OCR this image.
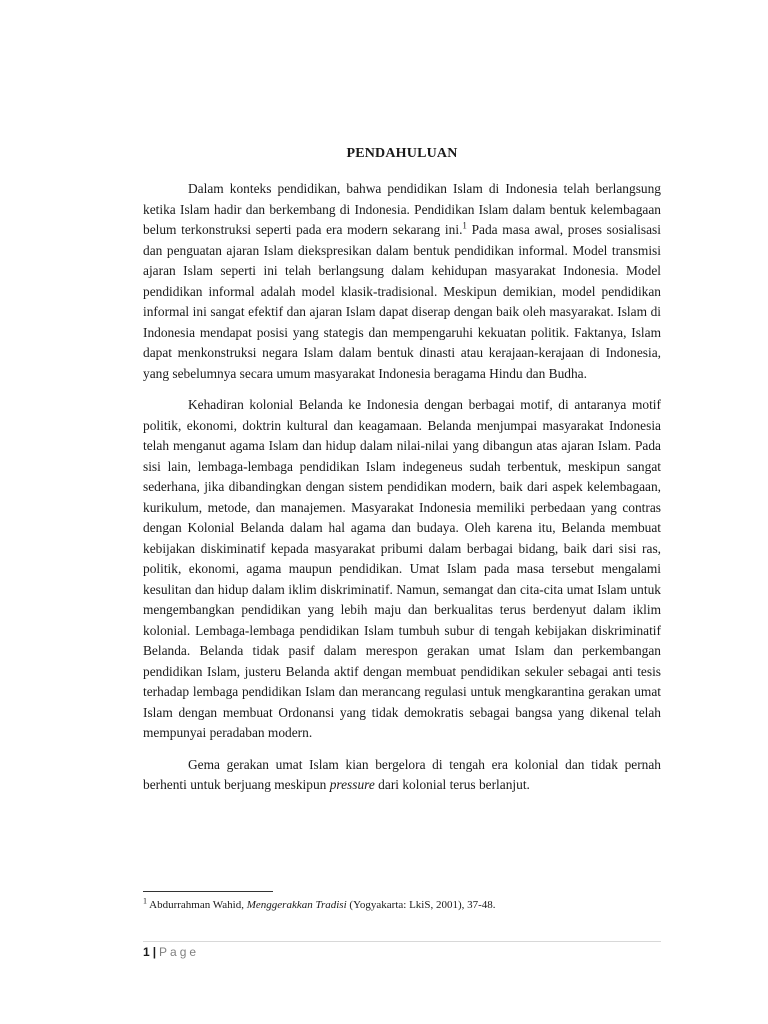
PENDAHULUAN

Dalam konteks pendidikan, bahwa pendidikan Islam di Indonesia telah berlangsung ketika Islam hadir dan berkembang di Indonesia. Pendidikan Islam dalam bentuk kelembagaan belum terkonstruksi seperti pada era modern sekarang ini.$^1$ Pada masa awal, proses sosialisasi dan penguatan ajaran Islam diekspresikan dalam bentuk pendidikan informal. Model transmisi ajaran Islam seperti ini telah berlangsung dalam kehidupan masyarakat Indonesia. Model pendidikan informal adalah model klasik-tradisional. Meskipun demikian, model pendidikan informal ini sangat efektif dan ajaran Islam dapat diserap dengan baik oleh masyarakat. Islam di Indonesia mendapat posisi yang stategis dan mempengaruhi kekuatan politik. Faktanya, Islam dapat menkonstruksi negara Islam dalam bentuk dinasti atau kerajaan-kerajaan di Indonesia, yang sebelumnya secara umum masyarakat Indonesia beragama Hindu dan Budha.

Kehadiran kolonial Belanda ke Indonesia dengan berbagai motif, di antaranya motif politik, ekonomi, doktrin kultural dan keagamaan. Belanda menjumpai masyarakat Indonesia telah menganut agama Islam dan hidup dalam nilai-nilai yang dibangun atas ajaran Islam. Pada sisi lain, lembaga-lembaga pendidikan Islam indegeneus sudah terbentuk, meskipun sangat sederhana, jika dibandingkan dengan sistem pendidikan modern, baik dari aspek kelembagaan, kurikulum, metode, dan manajemen. Masyarakat Indonesia memiliki perbedaan yang contras dengan Kolonial Belanda dalam hal agama dan budaya. Oleh karena itu, Belanda membuat kebijakan diskiminatif kepada masyarakat pribumi dalam berbagai bidang, baik dari sisi ras, politik, ekonomi, agama maupun pendidikan. Umat Islam pada masa tersebut mengalami kesulitan dan hidup dalam iklim diskriminatif. Namun, semangat dan cita-cita umat Islam untuk mengembangkan pendidikan yang lebih maju dan berkualitas terus berdenyut dalam iklim kolonial. Lembaga-lembaga pendidikan Islam tumbuh subur di tengah kebijakan diskriminatif Belanda. Belanda tidak pasif dalam merespon gerakan umat Islam dan perkembangan pendidikan Islam, justeru Belanda aktif dengan membuat pendidikan sekuler sebagai anti tesis terhadap lembaga pendidikan Islam dan merancang regulasi untuk mengkarantina gerakan umat Islam dengan membuat Ordonansi yang tidak demokratis sebagai bangsa yang dikenal telah mempunyai peradaban modern.

Gema gerakan umat Islam kian bergelora di tengah era kolonial dan tidak pernah berhenti untuk berjuang meskipun pressure dari kolonial terus berlanjut.

$^1$ Abdurrahman Wahid, Menggerakkan Tradisi (Yogyakarta: LkiS, 2001), 37-48.
1 | Page
